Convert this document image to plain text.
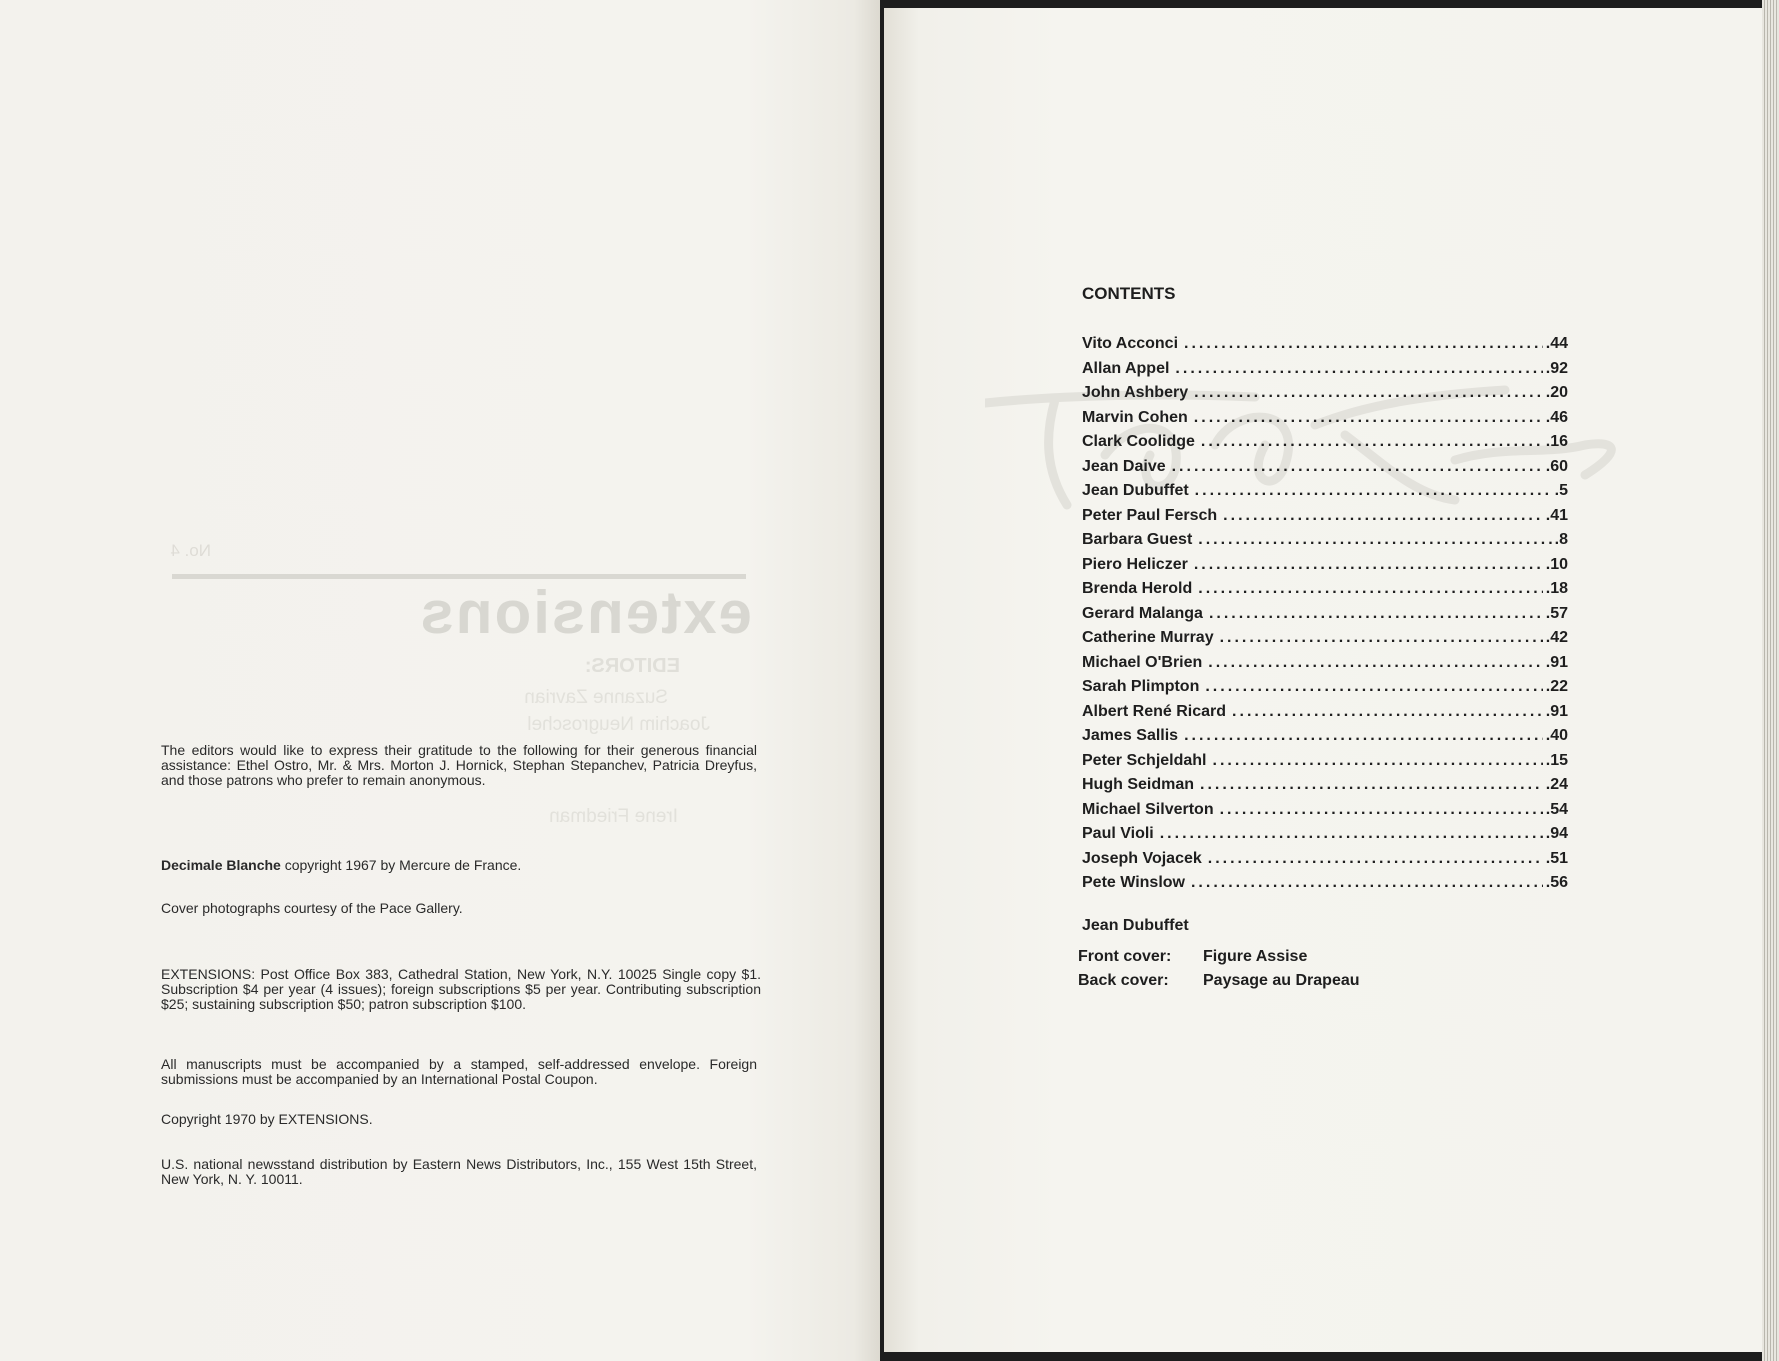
No. 4
extensions
EDITORS:
Suzanne Zavrian
Joachim Neugroschel
Irene Friedman
The editors would like to express their gratitude to the following for their generous financial assistance: Ethel Ostro, Mr. & Mrs. Morton J. Hornick, Stephan Stepanchev, Patricia Dreyfus, and those patrons who prefer to remain anonymous.
Decimale Blanche copyright 1967 by Mercure de France.
Cover photographs courtesy of the Pace Gallery.
EXTENSIONS: Post Office Box 383, Cathedral Station, New York, N.Y. 10025 Single copy $1. Subscription $4 per year (4 issues); foreign subscriptions $5 per year. Contributing subscription $25; sustaining subscription $50; patron subscription $100.
All manuscripts must be accompanied by a stamped, self-addressed envelope. Foreign submissions must be accompanied by an International Postal Coupon.
Copyright 1970 by EXTENSIONS.
U.S. national newsstand distribution by Eastern News Distributors, Inc., 155 West 15th Street, New York, N. Y. 10011.
CONTENTS
Vito Acconci .....	.44
Allan Appel .....	.92
John Ashbery .....	.20
Marvin Cohen .....	.46
Clark Coolidge .....	.16
Jean Daive .....	.60
Jean Dubuffet .....	.5
Peter Paul Fersch .....	.41
Barbara Guest .....	.8
Piero Heliczer .....	.10
Brenda Herold .....	.18
Gerard Malanga .....	.57
Catherine Murray .....	.42
Michael O'Brien .....	.91
Sarah Plimpton .....	.22
Albert René Ricard .....	.91
James Sallis .....	.40
Peter Schjeldahl .....	.15
Hugh Seidman .....	.24
Michael Silverton .....	.54
Paul Violi .....	.94
Joseph Vojacek .....	.51
Pete Winslow .....	.56
Jean Dubuffet
Front cover: Figure Assise
Back cover: Paysage au Drapeau
